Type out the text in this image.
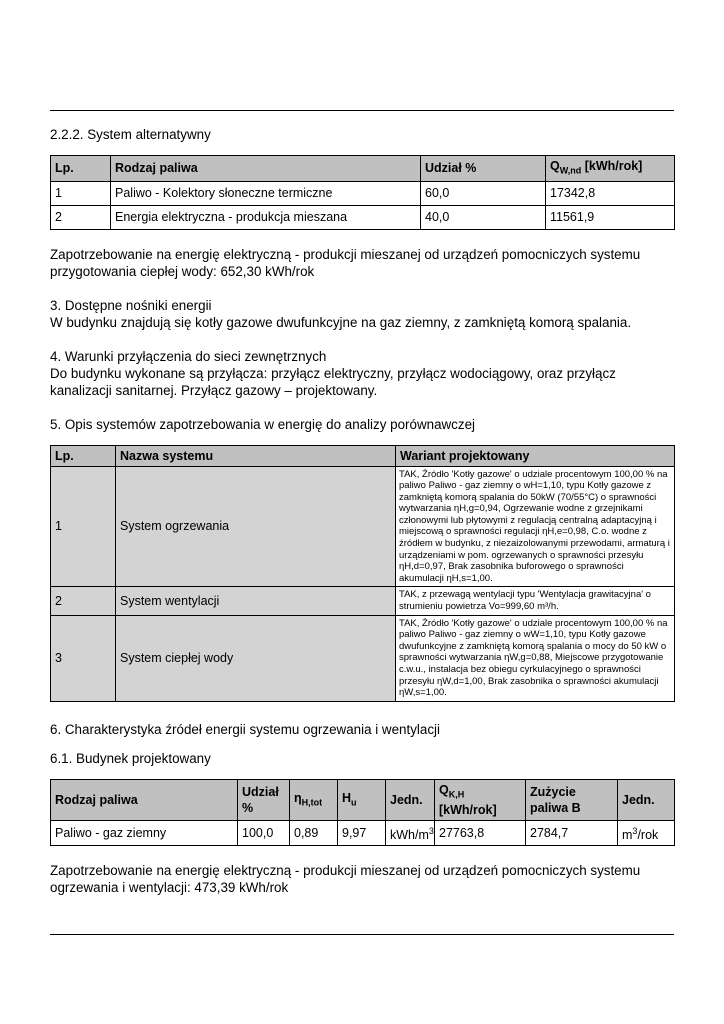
2.2.2. System alternatywny
Lp.	Rodzaj paliwa	Udział %	$Q_{W,nd}$ [kWh/rok]
1	Paliwo - Kolektory słoneczne termiczne	60,0	17342,8
2	Energia elektryczna - produkcja mieszana	40,0	11561,9
Zapotrzebowanie na energię elektryczną - produkcji mieszanej od urządzeń pomocniczych systemu przygotowania ciepłej wody: 652,30 kWh/rok
3. Dostępne nośniki energii
W budynku znajdują się kotły gazowe dwufunkcyjne na gaz ziemny, z zamkniętą komorą spalania.
4. Warunki przyłączenia do sieci zewnętrznych
Do budynku wykonane są przyłącza: przyłącz elektryczny, przyłącz wodociągowy, oraz przyłącz kanalizacji sanitarnej. Przyłącz gazowy – projektowany.
5. Opis systemów zapotrzebowania w energię do analizy porównawczej
Lp.	Nazwa systemu	Wariant projektowany
1	System ogrzewania	TAK, Źródło 'Kotły gazowe' o udziale procentowym 100,00 % na paliwo Paliwo - gaz ziemny o wH=1,10, typu Kotły gazowe z zamkniętą komorą spalania do 50kW (70/55°C) o sprawności wytwarzania ηH,g=0,94, Ogrzewanie wodne z grzejnikami członowymi lub płytowymi z regulacją centralną adaptacyjną i miejscową o sprawności regulacji ηH,e=0,98, C.o. wodne z źródłem w budynku, z niezaizolowanymi przewodami, armaturą i urządzeniami w pom. ogrzewanych o sprawności przesyłu ηH,d=0,97, Brak zasobnika buforowego o sprawności akumulacji ηH,s=1,00.
2	System wentylacji	TAK, z przewagą wentylacji typu 'Wentylacja grawitacyjna' o strumieniu powietrza Vo=999,60 m³/h.
3	System ciepłej wody	TAK, Źródło 'Kotły gazowe' o udziale procentowym 100,00 % na paliwo Paliwo - gaz ziemny o wW=1,10, typu Kotły gazowe dwufunkcyjne z zamkniętą komorą spalania o mocy do 50 kW o sprawności wytwarzania ηW,g=0,88, Miejscowe przygotowanie c.w.u., instalacja bez obiegu cyrkulacyjnego o sprawności przesyłu ηW,d=1,00, Brak zasobnika o sprawności akumulacji ηW,s=1,00.
6. Charakterystyka źródeł energii systemu ogrzewania i wentylacji
6.1. Budynek projektowany
Rodzaj paliwa	Udział %	$\eta_{H,tot}$	$H_u$	Jedn.	$Q_{K,H}$ [kWh/rok]	Zużycie paliwa B	Jedn.
Paliwo - gaz ziemny	100,0	0,89	9,97	kWh/$m^3$	27763,8	2784,7	$m^3$/rok
Zapotrzebowanie na energię elektryczną - produkcji mieszanej od urządzeń pomocniczych systemu ogrzewania i wentylacji: 473,39 kWh/rok
